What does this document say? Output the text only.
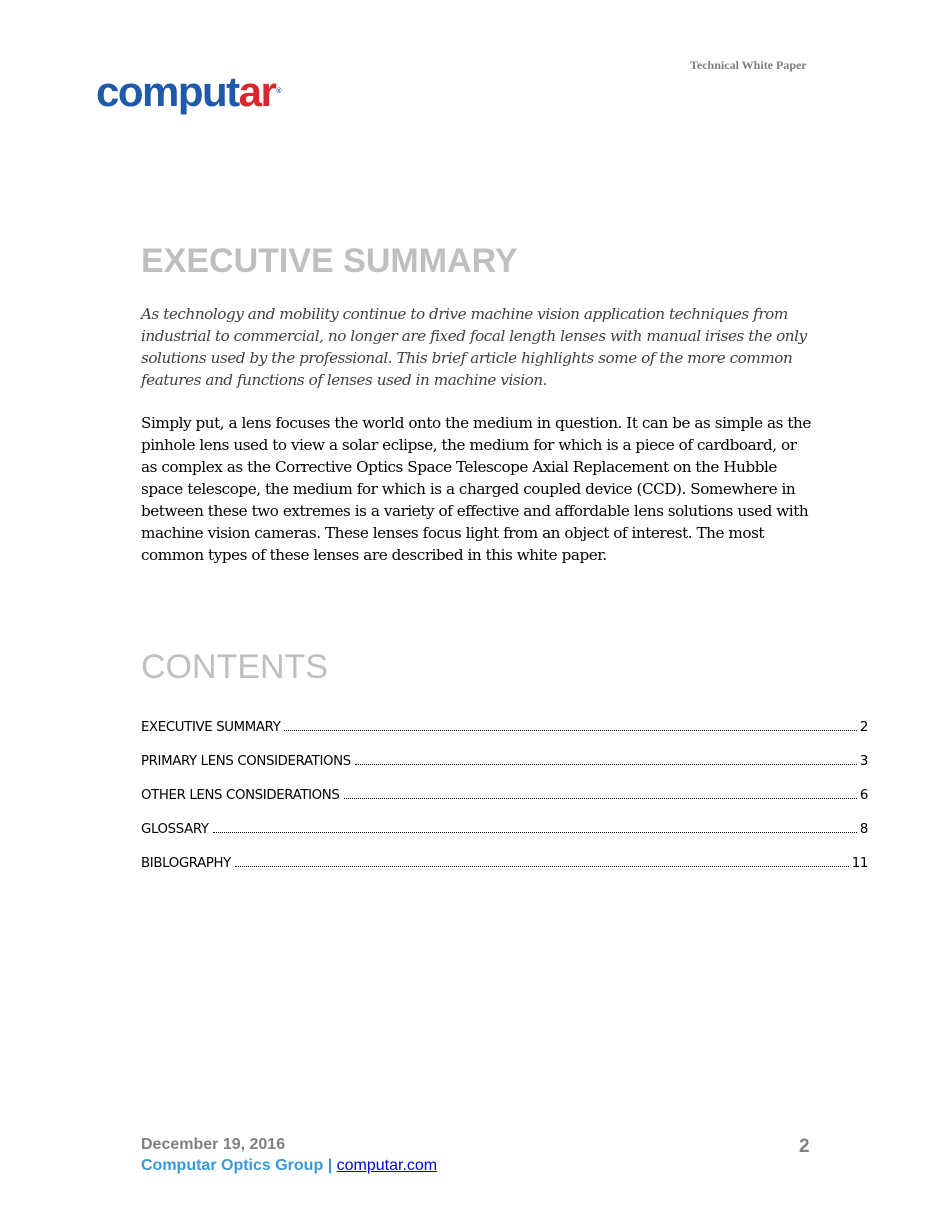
Technical White Paper
computar®
EXECUTIVE SUMMARY

As technology and mobility continue to drive machine vision application techniques from industrial to commercial, no longer are fixed focal length lenses with manual irises the only solutions used by the professional. This brief article highlights some of the more common features and functions of lenses used in machine vision.

Simply put, a lens focuses the world onto the medium in question. It can be as simple as the pinhole lens used to view a solar eclipse, the medium for which is a piece of cardboard, or as complex as the Corrective Optics Space Telescope Axial Replacement on the Hubble space telescope, the medium for which is a charged coupled device (CCD). Somewhere in between these two extremes is a variety of effective and affordable lens solutions used with machine vision cameras. These lenses focus light from an object of interest. The most common types of these lenses are described in this white paper.

CONTENTS
EXECUTIVE SUMMARY	2
PRIMARY LENS CONSIDERATIONS	3
OTHER LENS CONSIDERATIONS	6
GLOSSARY	8
BIBLOGRAPHY	11
December 19, 2016	2
Computar Optics Group | computar.com
